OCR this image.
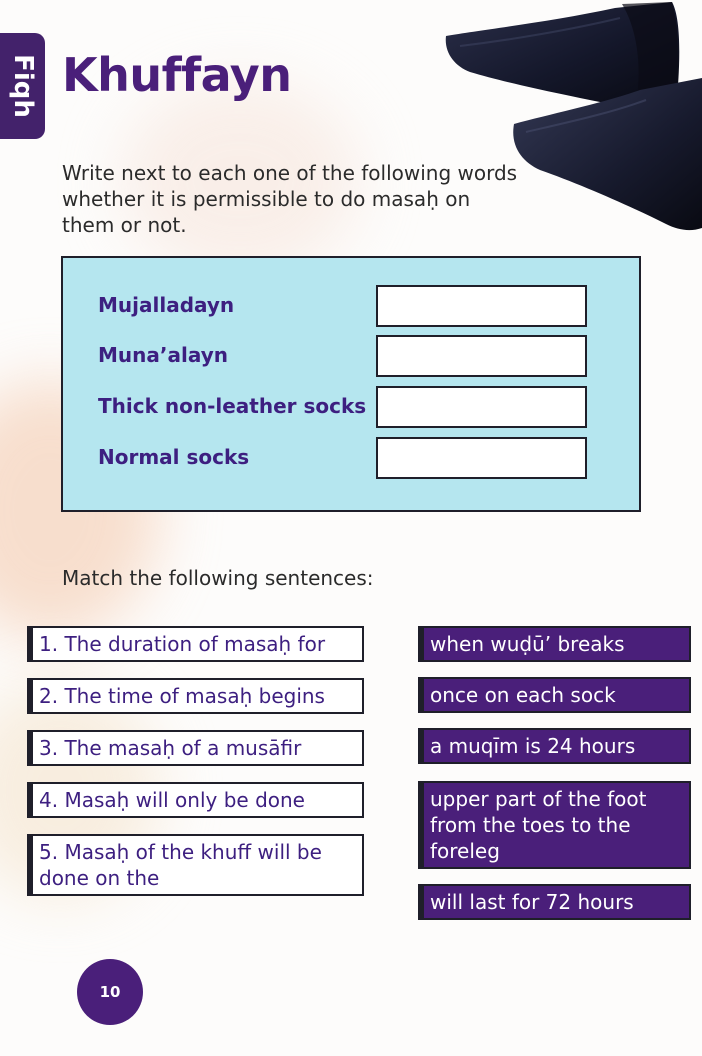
Fiqh Khuffayn
Write next to each one of the following words whether it is permissible to do masaḥ on them or not.
Mujalladayn
Muna’alayn
Thick non-leather socks
Normal socks
Match the following sentences:
1. The duration of masaḥ for
2. The time of masaḥ begins
3. The masaḥ of a musāfir
4. Masaḥ will only be done
5. Masaḥ of the khuff will be done on the
when wuḍū’ breaks
once on each sock
a muqīm is 24 hours
upper part of the foot from the toes to the foreleg
will last for 72 hours
10
